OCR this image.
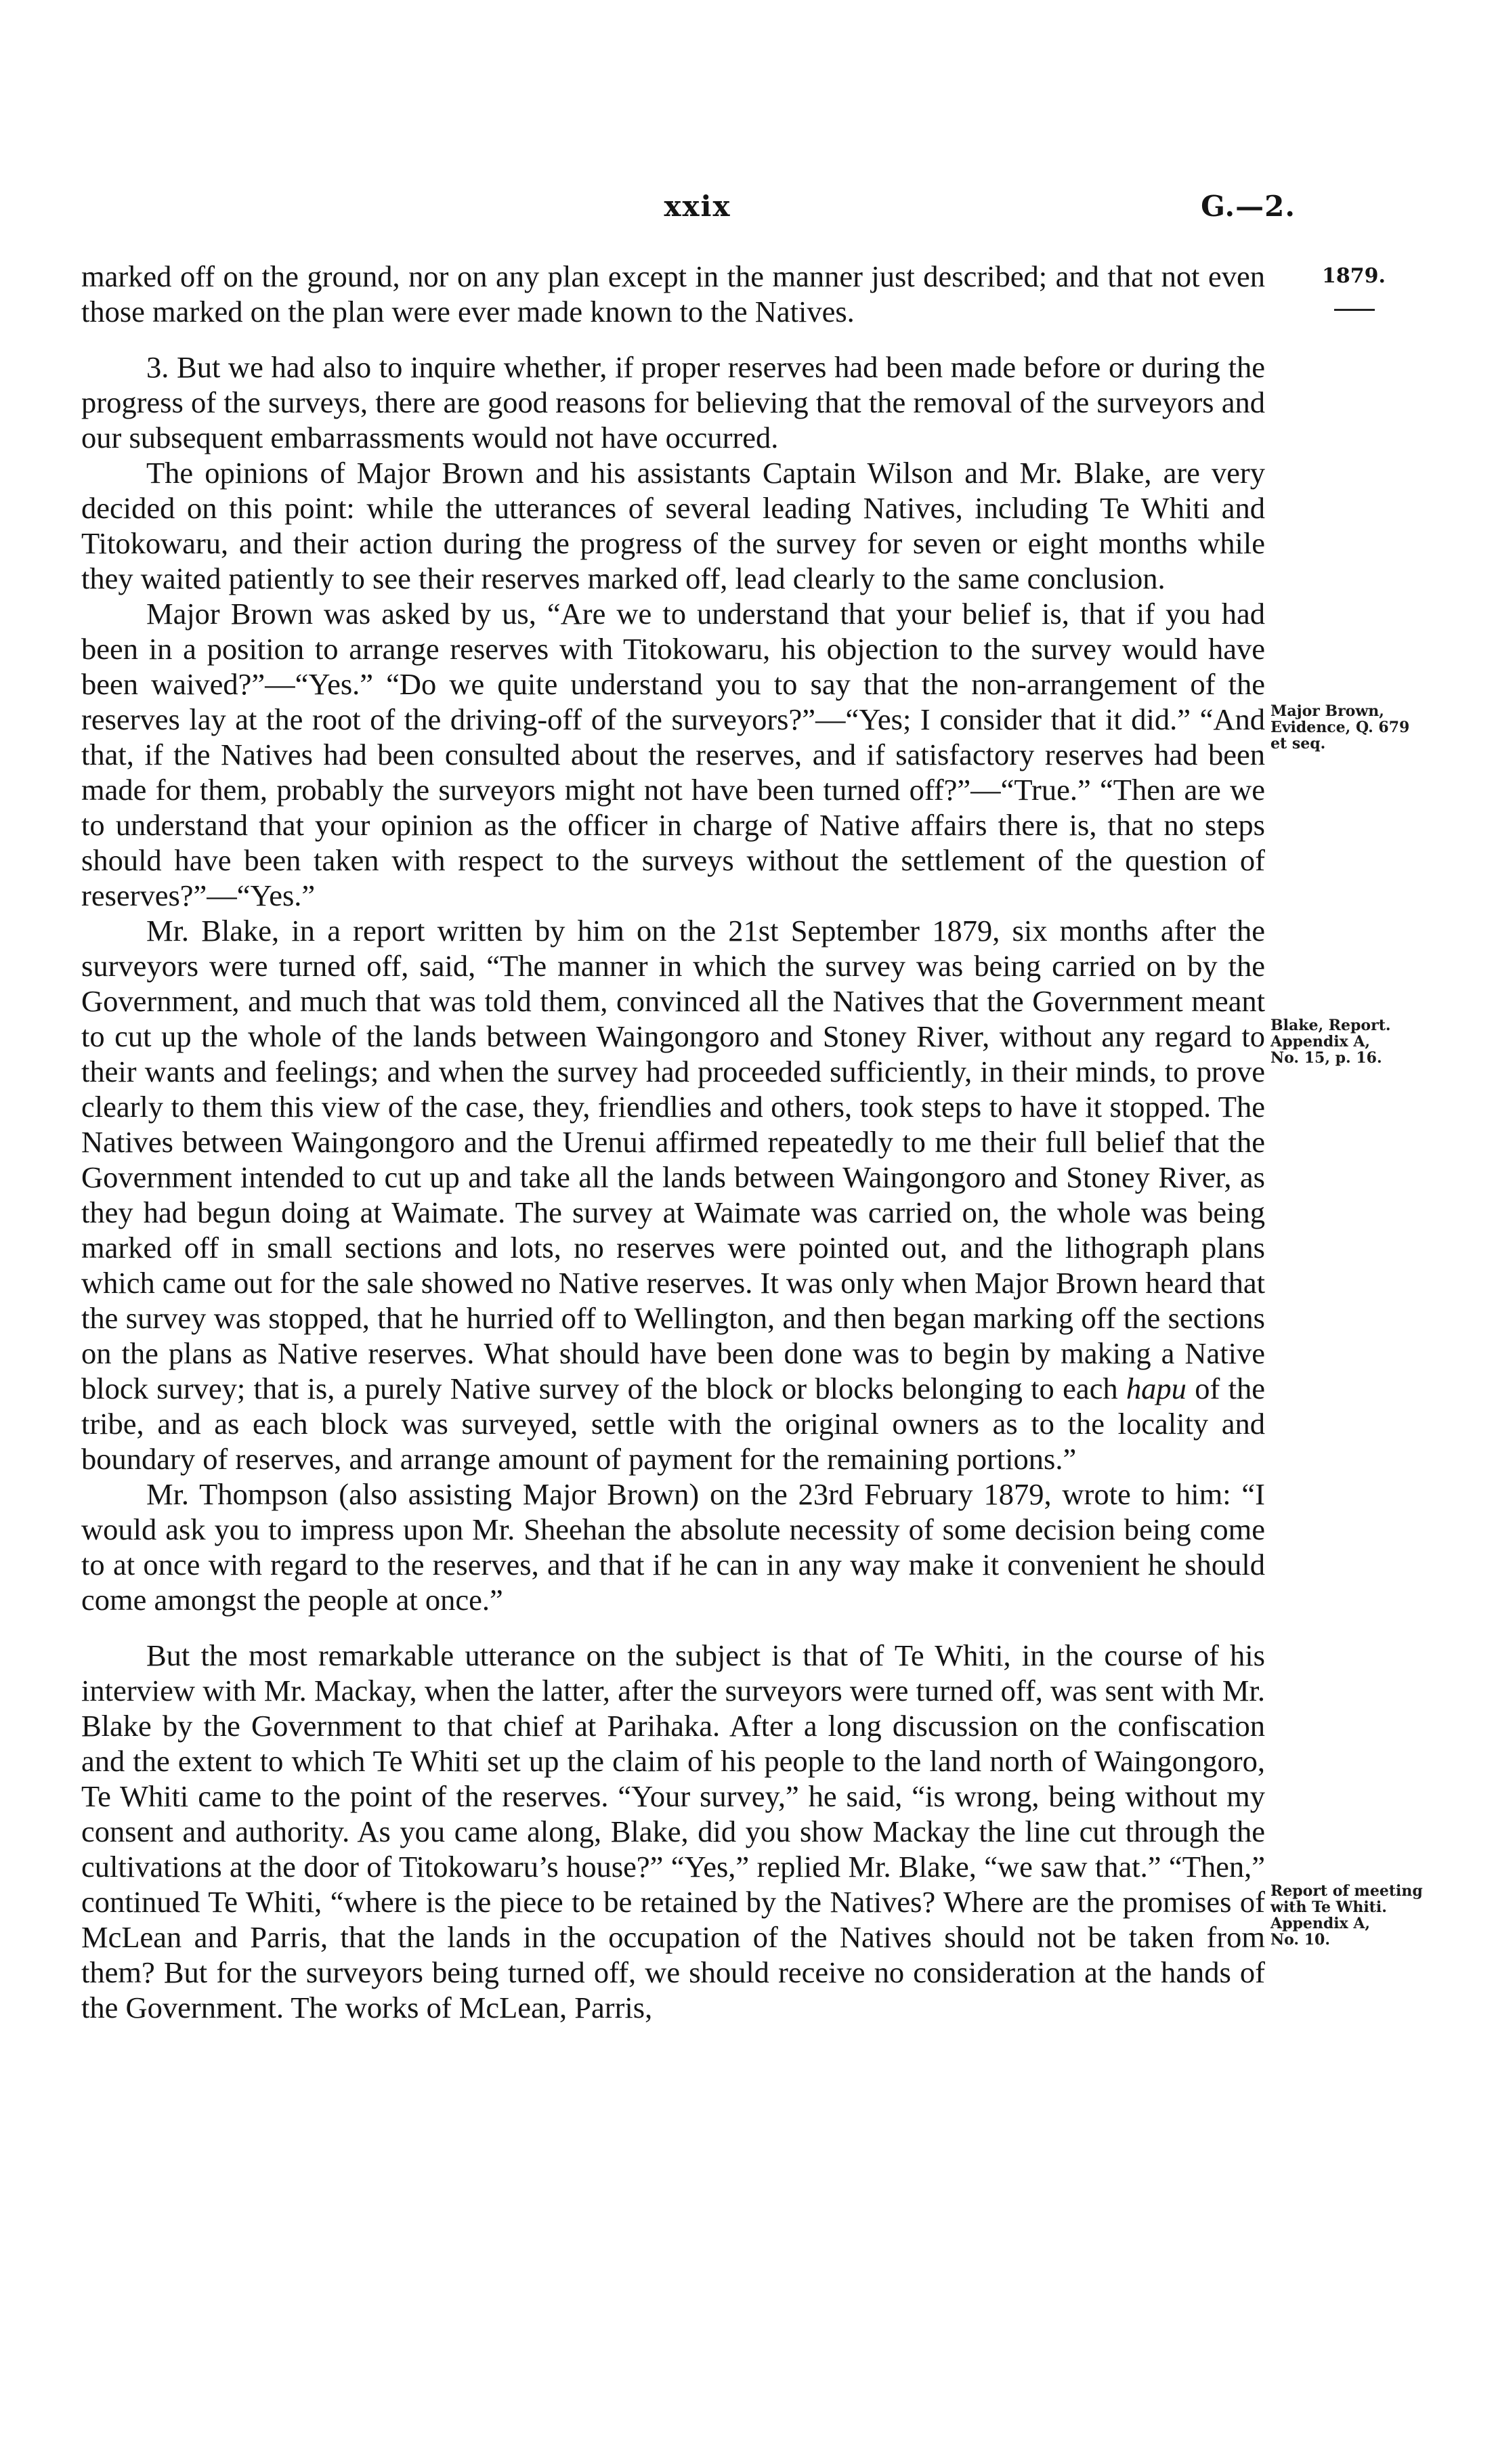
xxix	G.—2.
1879.
Major Brown,
Evidence, Q. 679
et seq.
Blake, Report.
Appendix A,
No. 15, p. 16.
Report of meeting
with Te Whiti.
Appendix A,
No. 10.

marked off on the ground, nor on any plan except in the manner just described; and that not even those marked on the plan were ever made known to the Natives.

3. But we had also to inquire whether, if proper reserves had been made before or during the progress of the surveys, there are good reasons for believing that the removal of the surveyors and our subsequent embarrassments would not have occurred.

The opinions of Major Brown and his assistants Captain Wilson and Mr. Blake, are very decided on this point: while the utterances of several leading Natives, including Te Whiti and Titokowaru, and their action during the progress of the survey for seven or eight months while they waited patiently to see their reserves marked off, lead clearly to the same conclusion.

Major Brown was asked by us, “Are we to understand that your belief is, that if you had been in a position to arrange reserves with Titokowaru, his objection to the survey would have been waived?”—“Yes.” “Do we quite understand you to say that the non-arrangement of the reserves lay at the root of the driving-off of the surveyors?”—“Yes; I consider that it did.” “And that, if the Natives had been consulted about the reserves, and if satisfactory reserves had been made for them, probably the surveyors might not have been turned off?”—“True.” “Then are we to understand that your opinion as the officer in charge of Native affairs there is, that no steps should have been taken with respect to the surveys without the settlement of the question of reserves?”—“Yes.”

Mr. Blake, in a report written by him on the 21st September 1879, six months after the surveyors were turned off, said, “The manner in which the survey was being carried on by the Government, and much that was told them, convinced all the Natives that the Government meant to cut up the whole of the lands between Waingongoro and Stoney River, without any regard to their wants and feelings; and when the survey had proceeded sufficiently, in their minds, to prove clearly to them this view of the case, they, friendlies and others, took steps to have it stopped. The Natives between Waingongoro and the Urenui affirmed repeatedly to me their full belief that the Government intended to cut up and take all the lands between Waingongoro and Stoney River, as they had begun doing at Waimate. The survey at Waimate was carried on, the whole was being marked off in small sections and lots, no reserves were pointed out, and the lithograph plans which came out for the sale showed no Native reserves. It was only when Major Brown heard that the survey was stopped, that he hurried off to Wellington, and then began marking off the sections on the plans as Native reserves. What should have been done was to begin by making a Native block survey; that is, a purely Native survey of the block or blocks belonging to each hapu of the tribe, and as each block was surveyed, settle with the original owners as to the locality and boundary of reserves, and arrange amount of payment for the remaining portions.”

Mr. Thompson (also assisting Major Brown) on the 23rd February 1879, wrote to him: “I would ask you to impress upon Mr. Sheehan the absolute necessity of some decision being come to at once with regard to the reserves, and that if he can in any way make it convenient he should come amongst the people at once.”

But the most remarkable utterance on the subject is that of Te Whiti, in the course of his interview with Mr. Mackay, when the latter, after the surveyors were turned off, was sent with Mr. Blake by the Government to that chief at Parihaka. After a long discussion on the confiscation and the extent to which Te Whiti set up the claim of his people to the land north of Waingongoro, Te Whiti came to the point of the reserves. “Your survey,” he said, “is wrong, being without my consent and authority. As you came along, Blake, did you show Mackay the line cut through the cultivations at the door of Titokowaru’s house?” “Yes,” replied Mr. Blake, “we saw that.” “Then,” continued Te Whiti, “where is the piece to be retained by the Natives? Where are the promises of McLean and Parris, that the lands in the occupation of the Natives should not be taken from them? But for the surveyors being turned off, we should receive no consideration at the hands of the Government. The works of McLean, Parris,
